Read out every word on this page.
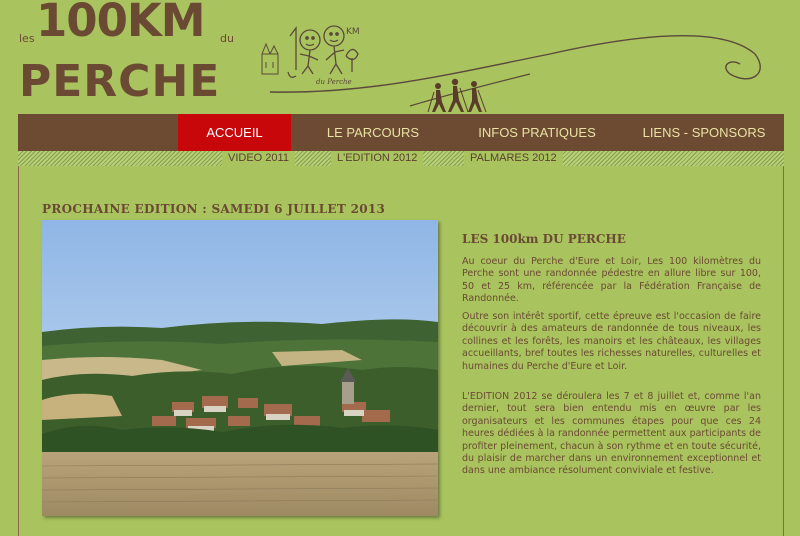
les 100KM du
PERCHE
KM
du Perche
ACCUEIL	LE PARCOURS	INFOS PRATIQUES	LIENS - SPONSORS
VIDEO 2011	L'EDITION 2012	PALMARES 2012
PROCHAINE EDITION : SAMEDI 6 JUILLET 2013
LES 100km DU PERCHE

Au coeur du Perche d'Eure et Loir, Les 100 kilomètres du Perche sont une randonnée pédestre en allure libre sur 100, 50 et 25 km, référencée par la Fédération Française de Randonnée.

Outre son intérêt sportif, cette épreuve est l'occasion de faire découvrir à des amateurs de randonnée de tous niveaux, les collines et les forêts, les manoirs et les châteaux, les villages accueillants, bref toutes les richesses naturelles, culturelles et humaines du Perche d'Eure et Loir.

L'EDITION 2012 se déroulera les 7 et 8 juillet et, comme l'an dernier, tout sera bien entendu mis en œuvre par les organisateurs et les communes étapes pour que ces 24 heures dédiées à la randonnée permettent aux participants de profiter pleinement, chacun à son rythme et en toute sécurité, du plaisir de marcher dans un environnement exceptionnel et dans une ambiance résolument conviviale et festive.
